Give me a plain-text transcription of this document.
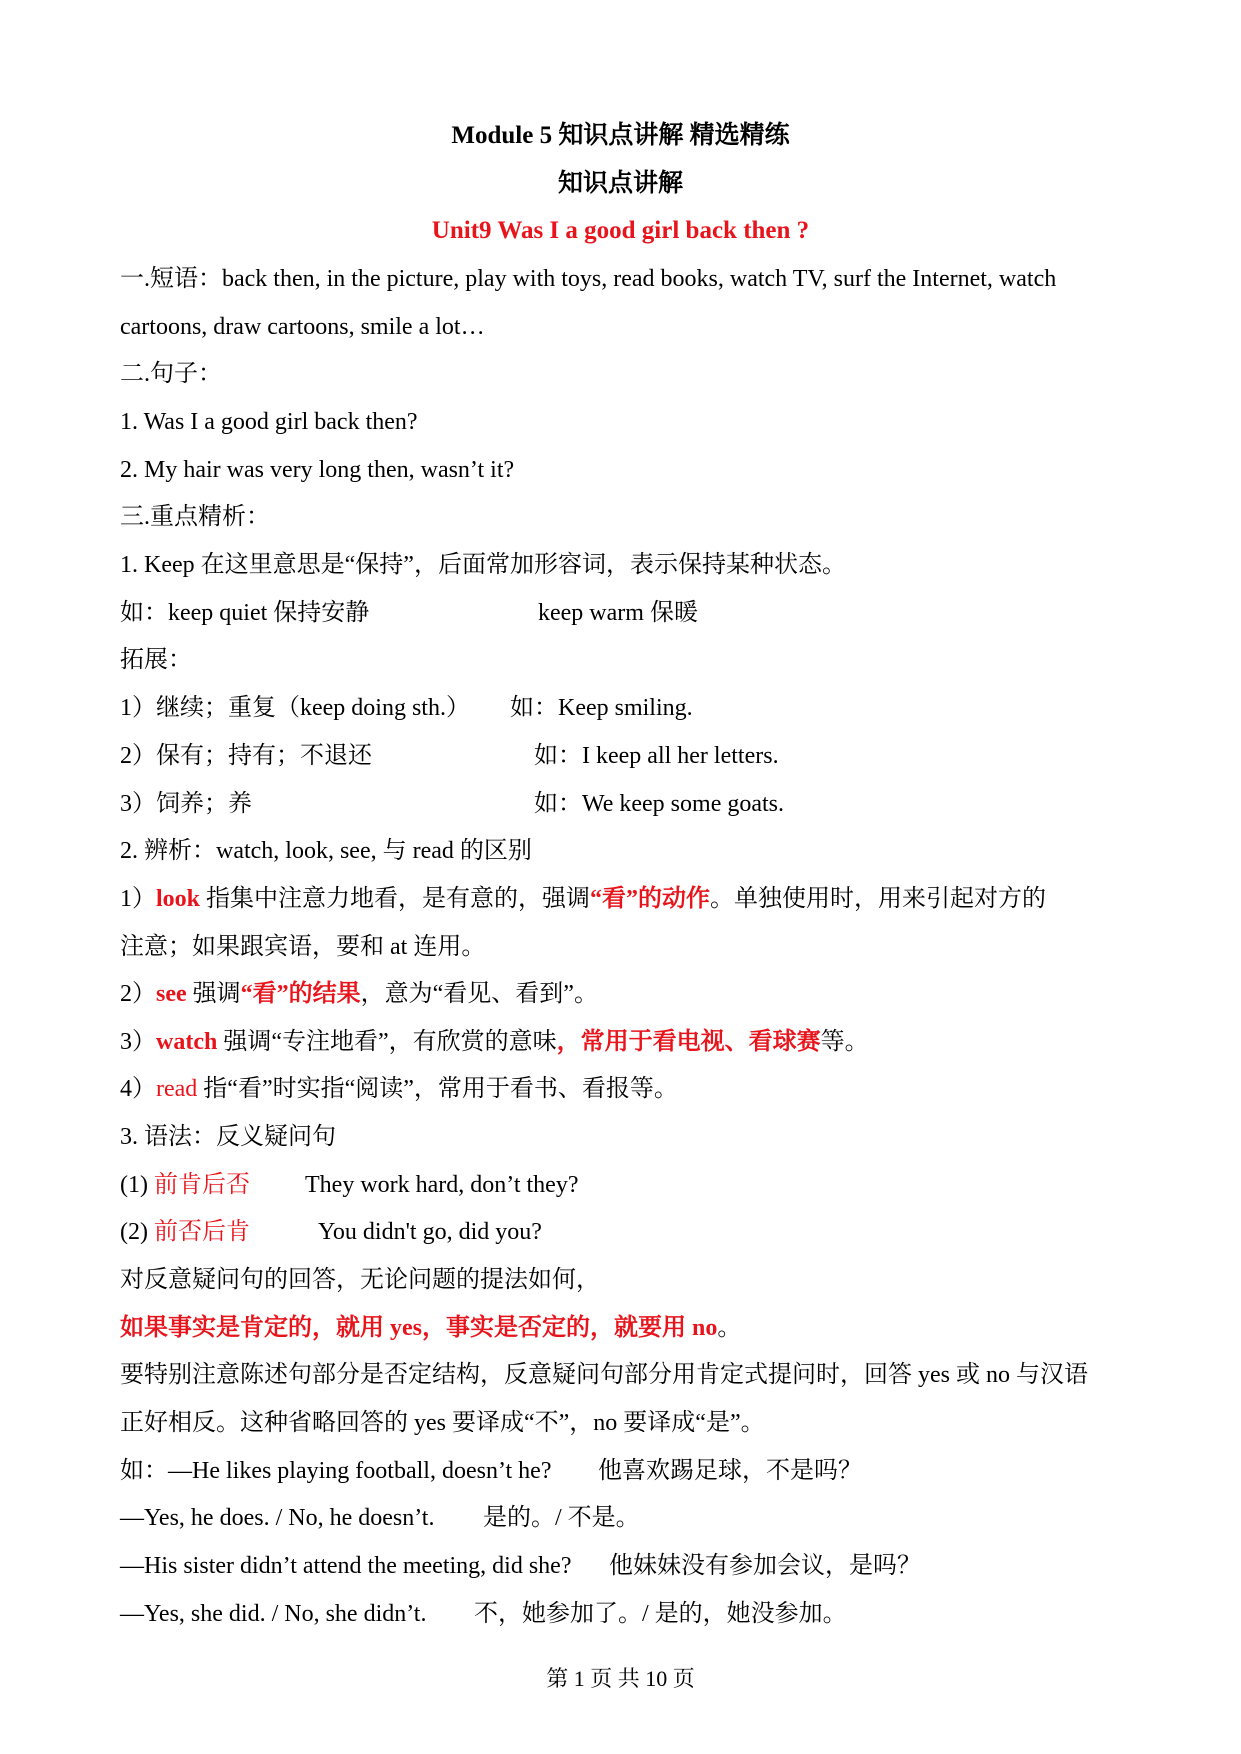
Module 5 知识点讲解 精选精练
知识点讲解
Unit9 Was I a good girl back then ?
一.短语：back then, in the picture, play with toys, read books, watch TV, surf the Internet, watch
cartoons, draw cartoons, smile a lot…
二.句子：
1. Was I a good girl back then?
2. My hair was very long then, wasn’t it?
三.重点精析：
1. Keep 在这里意思是“保持”，后面常加形容词，表示保持某种状态。
如：keep quiet 保持安静	keep warm 保暖
拓展：
1）继续；重复（keep doing sth.） 如：Keep smiling.
2）保有；持有；不退还	如：I keep all her letters.
3）饲养；养	如：We keep some goats.
2. 辨析：watch, look, see, 与 read 的区别
1）look 指集中注意力地看，是有意的，强调“看”的动作。单独使用时，用来引起对方的
注意；如果跟宾语，要和 at 连用。
2）see 强调“看”的结果，意为“看见、看到”。
3）watch 强调“专注地看”，有欣赏的意味，常用于看电视、看球赛等。
4）read 指“看”时实指“阅读”，常用于看书、看报等。
3. 语法：反义疑问句
(1) 前肯后否 They work hard, don’t they?
(2) 前否后肯	You didn't go, did you?
对反意疑问句的回答，无论问题的提法如何，
如果事实是肯定的，就用 yes，事实是否定的，就要用 no。
要特别注意陈述句部分是否定结构，反意疑问句部分用肯定式提问时，回答 yes 或 no 与汉语
正好相反。这种省略回答的 yes 要译成“不”，no 要译成“是”。
如：—He likes playing football, doesn’t he? 他喜欢踢足球，不是吗？
—Yes, he does. / No, he doesn’t. 是的。/ 不是。
—His sister didn’t attend the meeting, did she? 他妹妹没有参加会议，是吗？
—Yes, she did. / No, she didn’t. 不，她参加了。/ 是的，她没参加。
第 1 页 共 10 页
